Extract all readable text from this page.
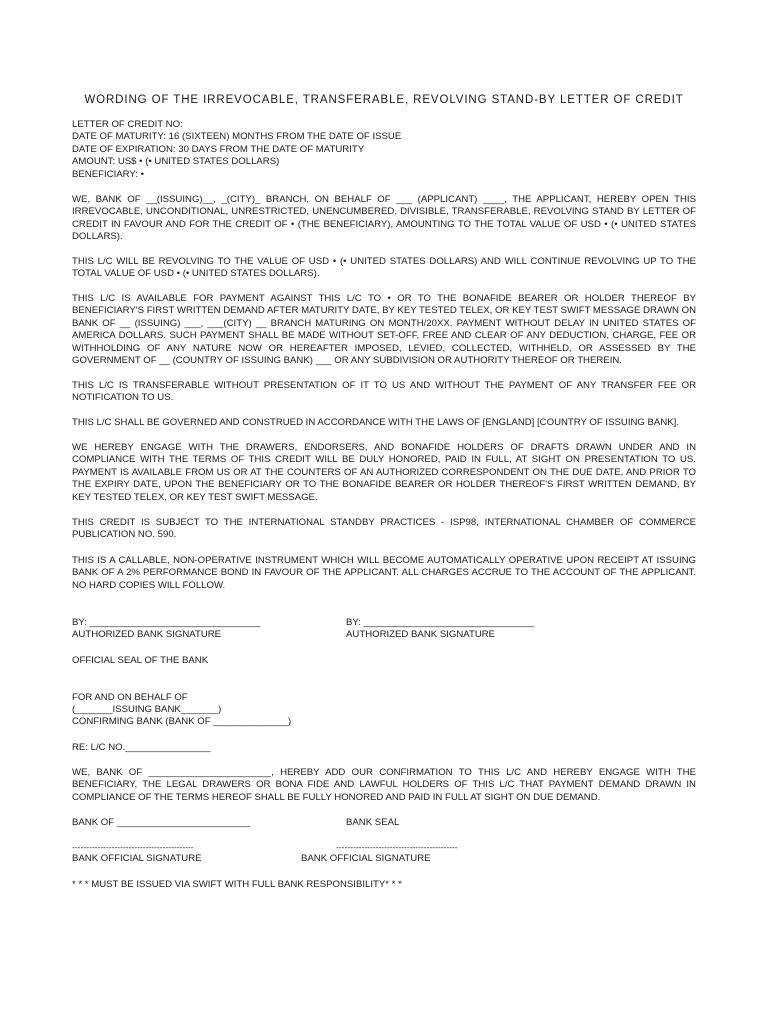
WORDING OF THE IRREVOCABLE, TRANSFERABLE, REVOLVING STAND-BY LETTER OF CREDIT

LETTER OF CREDIT NO:

DATE OF MATURITY: 16 (SIXTEEN) MONTHS FROM THE DATE OF ISSUE

DATE OF EXPIRATION: 30 DAYS FROM THE DATE OF MATURITY

AMOUNT: US$ • (• UNITED STATES DOLLARS)

BENEFICIARY: •

WE, BANK OF __(ISSUING)__, _(CITY)_ BRANCH, ON BEHALF OF ___ (APPLICANT) ____, THE APPLICANT, HEREBY OPEN THIS IRREVOCABLE, UNCONDITIONAL, UNRESTRICTED, UNENCUMBERED, DIVISIBLE, TRANSFERABLE, REVOLVING STAND BY LETTER OF CREDIT IN FAVOUR AND FOR THE CREDIT OF • (THE BENEFICIARY), AMOUNTING TO THE TOTAL VALUE OF USD • (• UNITED STATES DOLLARS).

THIS L/C WILL BE REVOLVING TO THE VALUE OF USD • (• UNITED STATES DOLLARS) AND WILL CONTINUE REVOLVING UP TO THE TOTAL VALUE OF USD • (• UNITED STATES DOLLARS).

THIS L/C IS AVAILABLE FOR PAYMENT AGAINST THIS L/C TO • OR TO THE BONAFIDE BEARER OR HOLDER THEREOF BY BENEFICIARY'S FIRST WRITTEN DEMAND AFTER MATURITY DATE, BY KEY TESTED TELEX, OR KEY TEST SWIFT MESSAGE DRAWN ON BANK OF __ (ISSUING) ___, ___(CITY) __ BRANCH MATURING ON MONTH/20XX. PAYMENT WITHOUT DELAY IN UNITED STATES OF AMERICA DOLLARS. SUCH PAYMENT SHALL BE MADE WITHOUT SET-OFF, FREE AND CLEAR OF ANY DEDUCTION, CHARGE, FEE OR WITHHOLDING OF ANY NATURE NOW OR HEREAFTER IMPOSED, LEVIED, COLLECTED, WITHHELD, OR ASSESSED BY THE GOVERNMENT OF __ (COUNTRY OF ISSUING BANK) ___ OR ANY SUBDIVISION OR AUTHORITY THEREOF OR THEREIN.

THIS L/C IS TRANSFERABLE WITHOUT PRESENTATION OF IT TO US AND WITHOUT THE PAYMENT OF ANY TRANSFER FEE OR NOTIFICATION TO US.

THIS L/C SHALL BE GOVERNED AND CONSTRUED IN ACCORDANCE WITH THE LAWS OF [ENGLAND] [COUNTRY OF ISSUING BANK].

WE HEREBY ENGAGE WITH THE DRAWERS, ENDORSERS, AND BONAFIDE HOLDERS OF DRAFTS DRAWN UNDER AND IN COMPLIANCE WITH THE TERMS OF THIS CREDIT WILL BE DULY HONORED, PAID IN FULL, AT SIGHT ON PRESENTATION TO US. PAYMENT IS AVAILABLE FROM US OR AT THE COUNTERS OF AN AUTHORIZED CORRESPONDENT ON THE DUE DATE, AND PRIOR TO THE EXPIRY DATE, UPON THE BENEFICIARY OR TO THE BONAFIDE BEARER OR HOLDER THEREOF'S FIRST WRITTEN DEMAND, BY KEY TESTED TELEX, OR KEY TEST SWIFT MESSAGE.

THIS CREDIT IS SUBJECT TO THE INTERNATIONAL STANDBY PRACTICES - ISP98, INTERNATIONAL CHAMBER OF COMMERCE PUBLICATION NO. 590.

THIS IS A CALLABLE, NON-OPERATIVE INSTRUMENT WHICH WILL BECOME AUTOMATICALLY OPERATIVE UPON RECEIPT AT ISSUING BANK OF A 2% PERFORMANCE BOND IN FAVOUR OF THE APPLICANT. ALL CHARGES ACCRUE TO THE ACCOUNT OF THE APPLICANT. NO HARD COPIES WILL FOLLOW.

BY: ________________________________	BY: ________________________________
AUTHORIZED BANK SIGNATURE	AUTHORIZED BANK SIGNATURE
OFFICIAL SEAL OF THE BANK
FOR AND ON BEHALF OF
(_______ISSUING BANK_______)
CONFIRMING BANK (BANK OF ______________)
RE: L/C NO.________________

WE, BANK OF _______________________, HEREBY ADD OUR CONFIRMATION TO THIS L/C AND HEREBY ENGAGE WITH THE BENEFICIARY, THE LEGAL DRAWERS OR BONA FIDE AND LAWFUL HOLDERS OF THIS L/C THAT PAYMENT DEMAND DRAWN IN COMPLIANCE OF THE TERMS HEREOF SHALL BE FULLY HONORED AND PAID IN FULL AT SIGHT ON DUE DEMAND.

BANK OF _________________________	BANK SEAL
-------------------------------------------	-------------------------------------------
BANK OFFICIAL SIGNATURE	BANK OFFICIAL SIGNATURE
* * * MUST BE ISSUED VIA SWIFT WITH FULL BANK RESPONSIBILITY* * *
